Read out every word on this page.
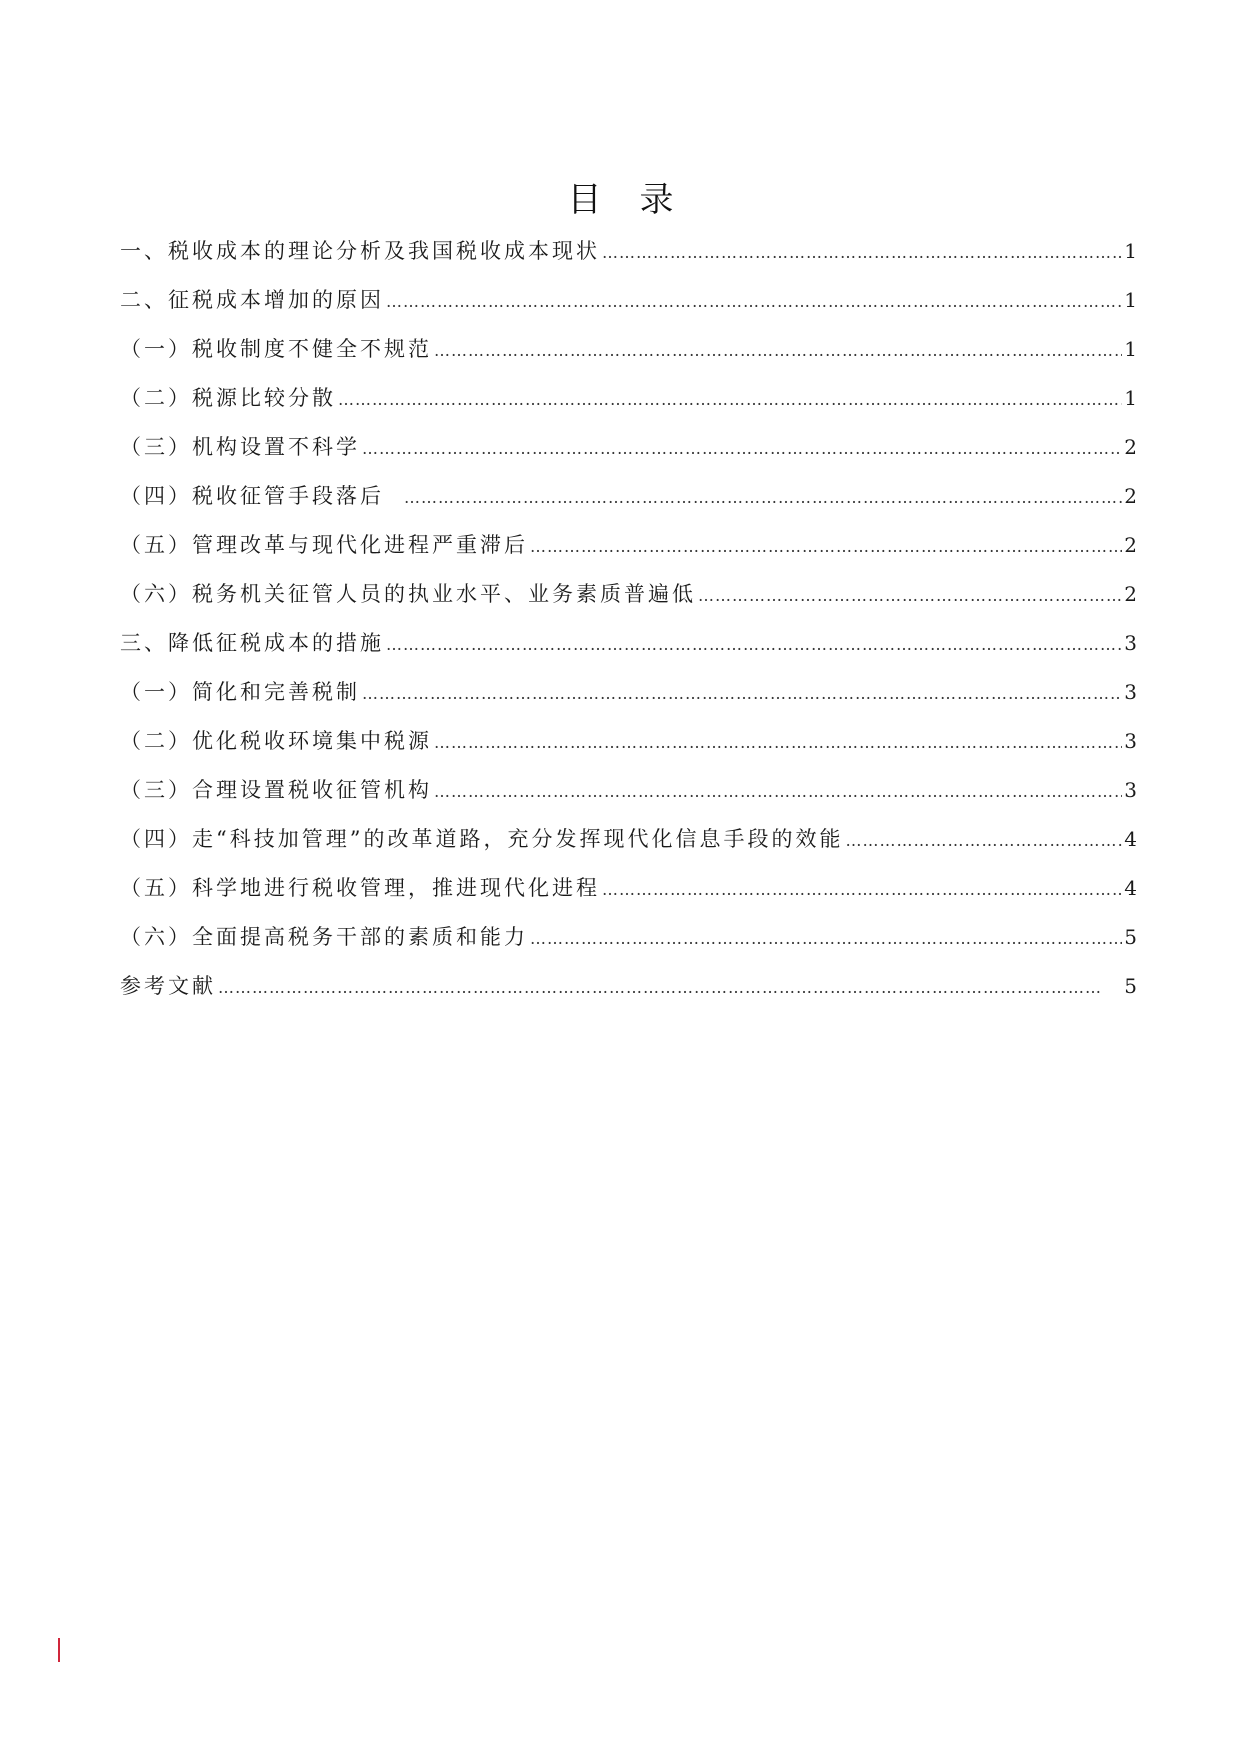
目录
一、税收成本的理论分析及我国税收成本现状 …………………………………………………………………………………………………………………………………………………………………………………	1
二、征税成本增加的原因 …………………………………………………………………………………………………………………………………………………………………………………	1
（一）税收制度不健全不规范 …………………………………………………………………………………………………………………………………………………………………………………	1
（二）税源比较分散 …………………………………………………………………………………………………………………………………………………………………………………	1
（三）机构设置不科学 …………………………………………………………………………………………………………………………………………………………………………………	2
（四）税收征管手段落后 …………………………………………………………………………………………………………………………………………………………………………………	2
（五）管理改革与现代化进程严重滞后 …………………………………………………………………………………………………………………………………………………………………………………	2
（六）税务机关征管人员的执业水平、业务素质普遍低 …………………………………………………………………………………………………………………………………………………………………………………	2
三、降低征税成本的措施 …………………………………………………………………………………………………………………………………………………………………………………	3
（一）简化和完善税制 …………………………………………………………………………………………………………………………………………………………………………………	3
（二）优化税收环境集中税源 …………………………………………………………………………………………………………………………………………………………………………………	3
（三）合理设置税收征管机构 …………………………………………………………………………………………………………………………………………………………………………………	3
（四）走“科技加管理”的改革道路，充分发挥现代化信息手段的效能 …………………………………………………………………………………………………………………………………………………………………………………	4
（五）科学地进行税收管理，推进现代化进程 …………………………………………………………………………………………………………………………………………………………………………………	4
（六）全面提高税务干部的素质和能力 …………………………………………………………………………………………………………………………………………………………………………………	5
参考文献 …………………………………………………………………………………………………………………………………………………………………………………	5
